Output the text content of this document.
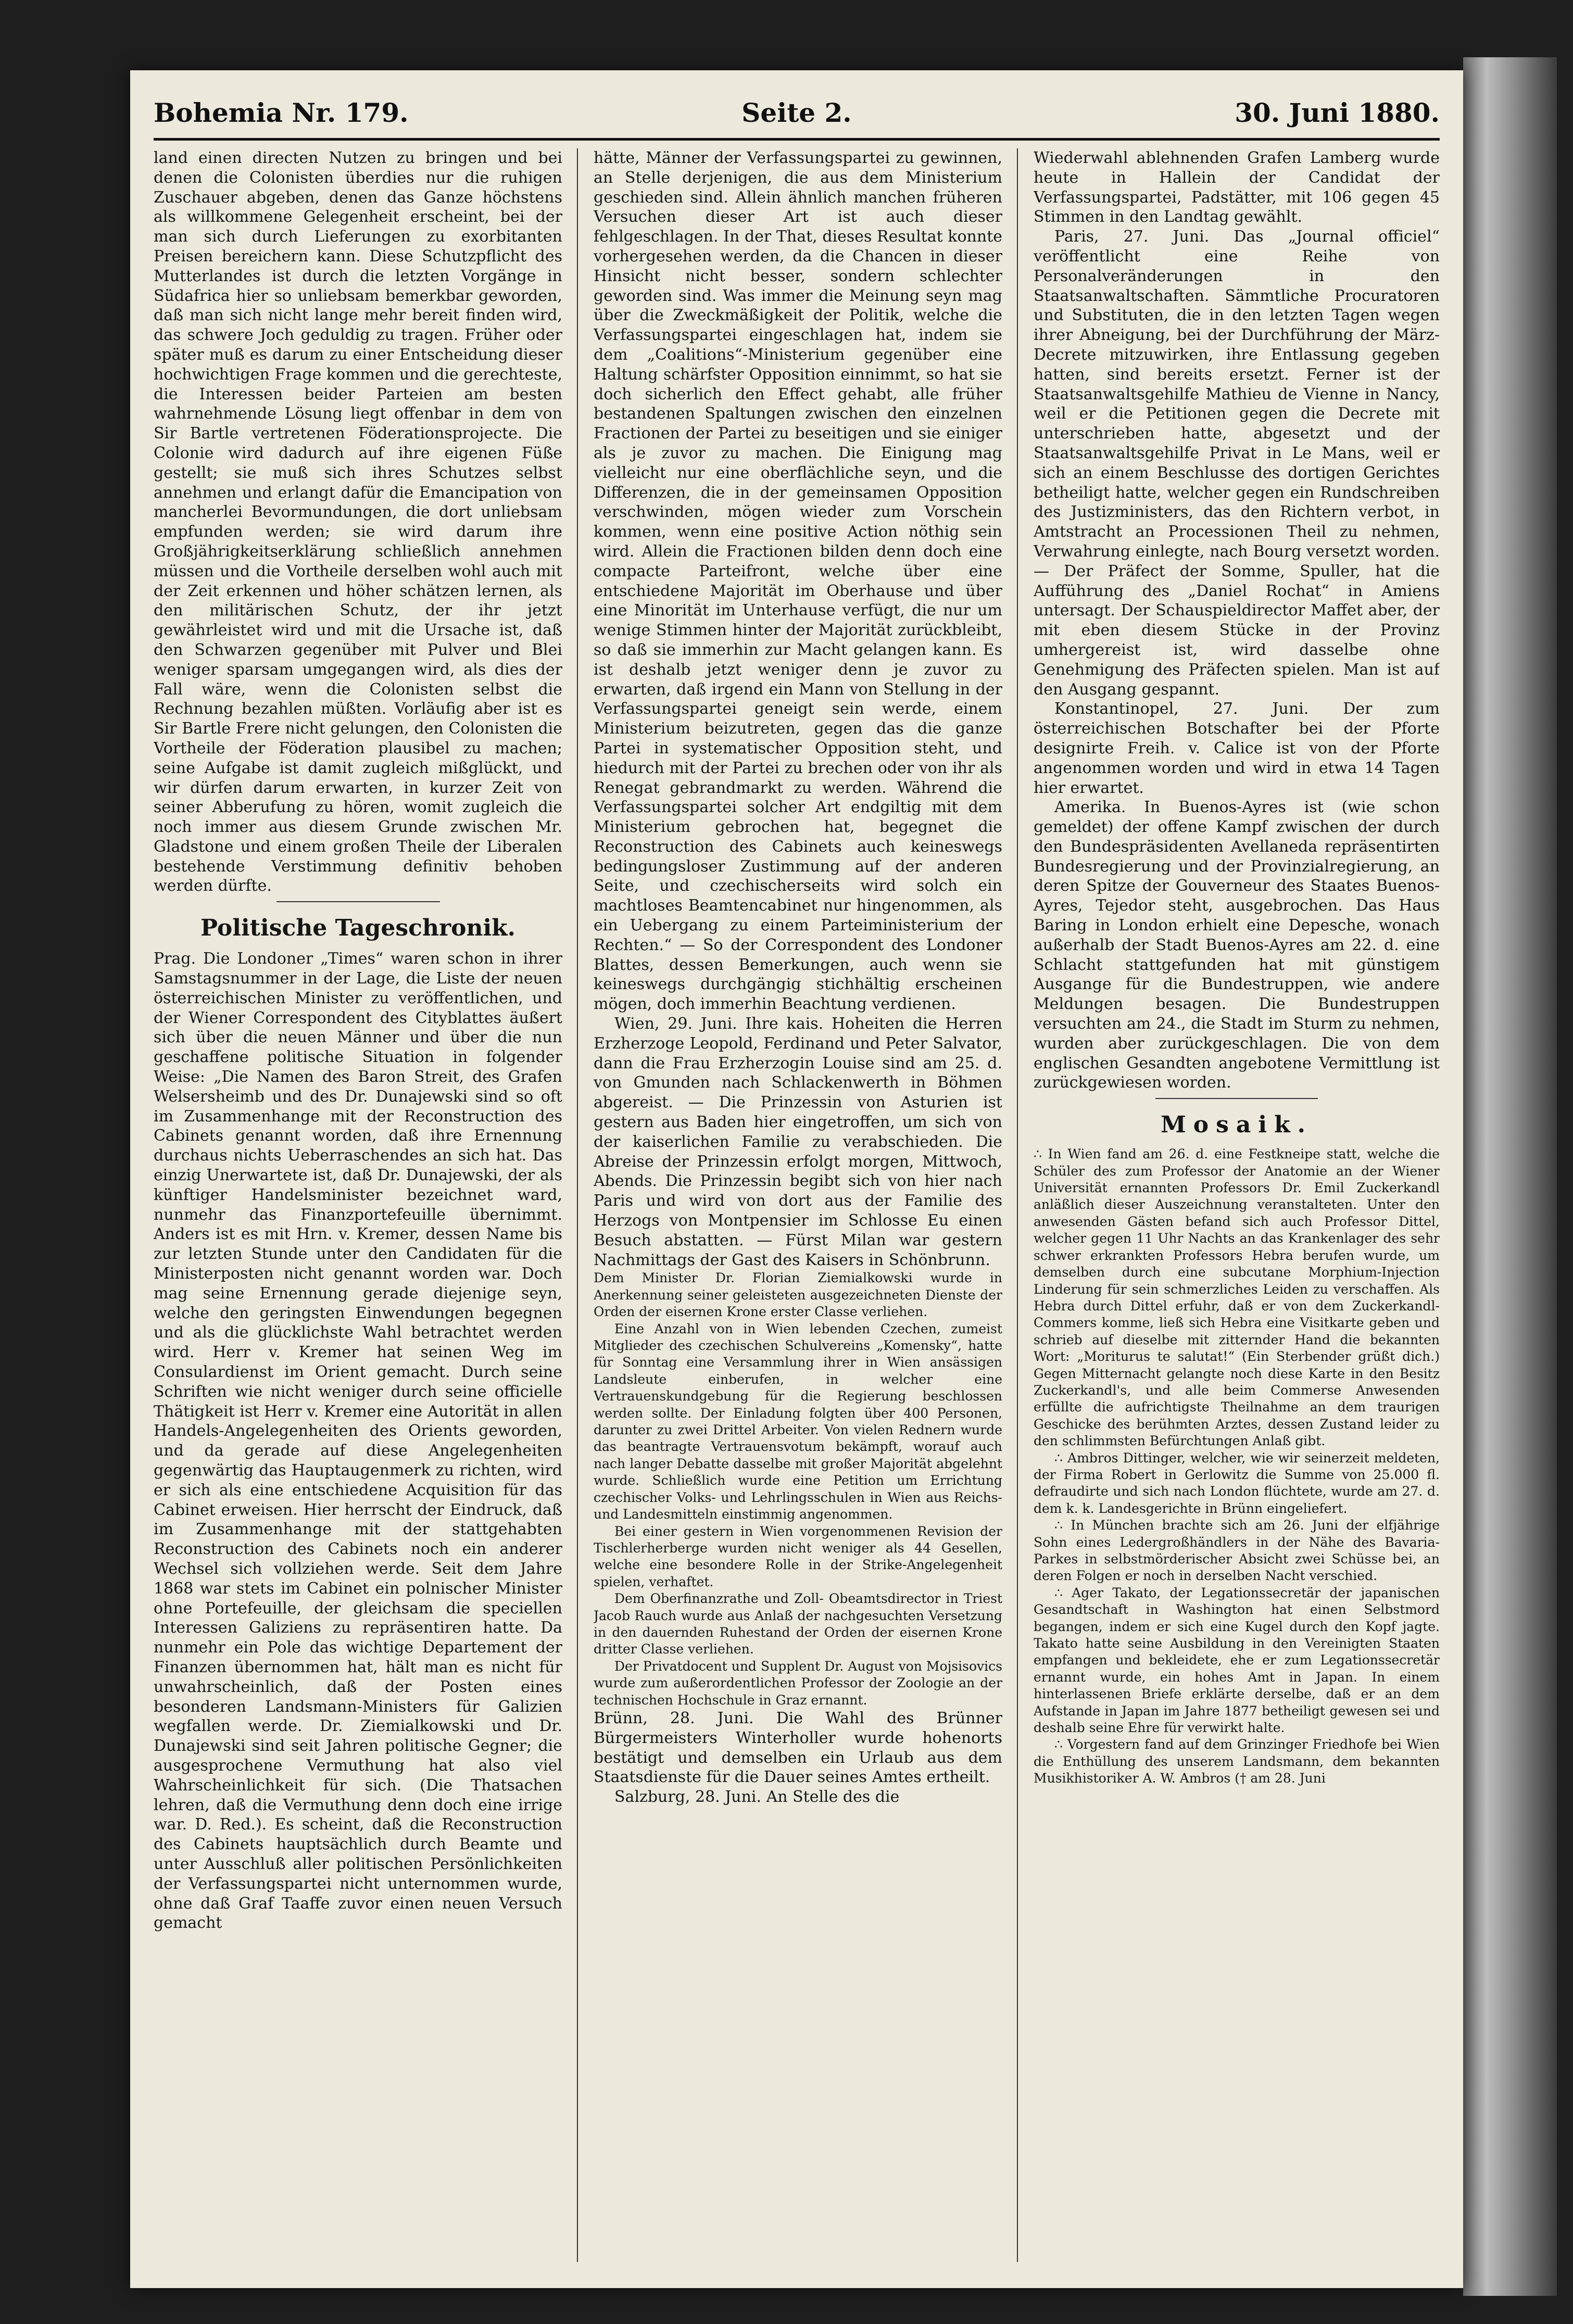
Bohemia Nr. 179.	Seite 2.	30. Juni 1880.

land einen directen Nutzen zu bringen und bei denen die Colonisten überdies nur die ruhigen Zuschauer abgeben, denen das Ganze höchstens als willkommene Gelegenheit erscheint, bei der man sich durch Lieferungen zu exorbitanten Preisen bereichern kann. Diese Schutzpflicht des Mutterlandes ist durch die letzten Vorgänge in Südafrica hier so unliebsam bemerkbar geworden, daß man sich nicht lange mehr bereit finden wird, das schwere Joch geduldig zu tragen. Früher oder später muß es darum zu einer Entscheidung dieser hochwichtigen Frage kommen und die gerechteste, die Interessen beider Parteien am besten wahrnehmende Lösung liegt offenbar in dem von Sir Bartle vertretenen Föderationsprojecte. Die Colonie wird dadurch auf ihre eigenen Füße gestellt; sie muß sich ihres Schutzes selbst annehmen und erlangt dafür die Emancipation von mancherlei Bevormundungen, die dort unliebsam empfunden werden; sie wird darum ihre Großjährigkeitserklärung schließlich annehmen müssen und die Vortheile derselben wohl auch mit der Zeit erkennen und höher schätzen lernen, als den militärischen Schutz, der ihr jetzt gewährleistet wird und mit die Ursache ist, daß den Schwarzen gegenüber mit Pulver und Blei weniger sparsam umgegangen wird, als dies der Fall wäre, wenn die Colonisten selbst die Rechnung bezahlen müßten. Vorläufig aber ist es Sir Bartle Frere nicht gelungen, den Colonisten die Vortheile der Föderation plausibel zu machen; seine Aufgabe ist damit zugleich mißglückt, und wir dürfen darum erwarten, in kurzer Zeit von seiner Abberufung zu hören, womit zugleich die noch immer aus diesem Grunde zwischen Mr. Gladstone und einem großen Theile der Liberalen bestehende Verstimmung definitiv behoben werden dürfte.

Politische Tageschronik.

Prag. Die Londoner „Times“ waren schon in ihrer Samstagsnummer in der Lage, die Liste der neuen österreichischen Minister zu veröffentlichen, und der Wiener Correspondent des Cityblattes äußert sich über die neuen Männer und über die nun geschaffene politische Situation in folgender Weise: „Die Namen des Baron Streit, des Grafen Welsersheimb und des Dr. Dunajewski sind so oft im Zusammenhange mit der Reconstruction des Cabinets genannt worden, daß ihre Ernennung durchaus nichts Ueberraschendes an sich hat. Das einzig Unerwartete ist, daß Dr. Dunajewski, der als künftiger Handelsminister bezeichnet ward, nunmehr das Finanzportefeuille übernimmt. Anders ist es mit Hrn. v. Kremer, dessen Name bis zur letzten Stunde unter den Candidaten für die Ministerposten nicht genannt worden war. Doch mag seine Ernennung gerade diejenige seyn, welche den geringsten Einwendungen begegnen und als die glücklichste Wahl betrachtet werden wird. Herr v. Kremer hat seinen Weg im Consulardienst im Orient gemacht. Durch seine Schriften wie nicht weniger durch seine officielle Thätigkeit ist Herr v. Kremer eine Autorität in allen Handels-Angelegenheiten des Orients geworden, und da gerade auf diese Angelegenheiten gegenwärtig das Hauptaugenmerk zu richten, wird er sich als eine entschiedene Acquisition für das Cabinet erweisen. Hier herrscht der Eindruck, daß im Zusammenhange mit der stattgehabten Reconstruction des Cabinets noch ein anderer Wechsel sich vollziehen werde. Seit dem Jahre 1868 war stets im Cabinet ein polnischer Minister ohne Portefeuille, der gleichsam die speciellen Interessen Galiziens zu repräsentiren hatte. Da nunmehr ein Pole das wichtige Departement der Finanzen übernommen hat, hält man es nicht für unwahrscheinlich, daß der Posten eines besonderen Landsmann-Ministers für Galizien wegfallen werde. Dr. Ziemialkowski und Dr. Dunajewski sind seit Jahren politische Gegner; die ausgesprochene Vermuthung hat also viel Wahrscheinlichkeit für sich. (Die Thatsachen lehren, daß die Vermuthung denn doch eine irrige war. D. Red.). Es scheint, daß die Reconstruction des Cabinets hauptsächlich durch Beamte und unter Ausschluß aller politischen Persönlichkeiten der Verfassungspartei nicht unternommen wurde, ohne daß Graf Taaffe zuvor einen neuen Versuch gemacht

hätte, Männer der Verfassungspartei zu gewinnen, an Stelle derjenigen, die aus dem Ministerium geschieden sind. Allein ähnlich manchen früheren Versuchen dieser Art ist auch dieser fehlgeschlagen. In der That, dieses Resultat konnte vorhergesehen werden, da die Chancen in dieser Hinsicht nicht besser, sondern schlechter geworden sind. Was immer die Meinung seyn mag über die Zweckmäßigkeit der Politik, welche die Verfassungspartei eingeschlagen hat, indem sie dem „Coalitions“-Ministerium gegenüber eine Haltung schärfster Opposition einnimmt, so hat sie doch sicherlich den Effect gehabt, alle früher bestandenen Spaltungen zwischen den einzelnen Fractionen der Partei zu beseitigen und sie einiger als je zuvor zu machen. Die Einigung mag vielleicht nur eine oberflächliche seyn, und die Differenzen, die in der gemeinsamen Opposition verschwinden, mögen wieder zum Vorschein kommen, wenn eine positive Action nöthig sein wird. Allein die Fractionen bilden denn doch eine compacte Parteifront, welche über eine entschiedene Majorität im Oberhause und über eine Minorität im Unterhause verfügt, die nur um wenige Stimmen hinter der Majorität zurückbleibt, so daß sie immerhin zur Macht gelangen kann. Es ist deshalb jetzt weniger denn je zuvor zu erwarten, daß irgend ein Mann von Stellung in der Verfassungspartei geneigt sein werde, einem Ministerium beizutreten, gegen das die ganze Partei in systematischer Opposition steht, und hiedurch mit der Partei zu brechen oder von ihr als Renegat gebrandmarkt zu werden. Während die Verfassungspartei solcher Art endgiltig mit dem Ministerium gebrochen hat, begegnet die Reconstruction des Cabinets auch keineswegs bedingungsloser Zustimmung auf der anderen Seite, und czechischerseits wird solch ein machtloses Beamtencabinet nur hingenommen, als ein Uebergang zu einem Parteiministerium der Rechten.“ — So der Correspondent des Londoner Blattes, dessen Bemerkungen, auch wenn sie keineswegs durchgängig stichhältig erscheinen mögen, doch immerhin Beachtung verdienen.

Wien, 29. Juni. Ihre kais. Hoheiten die Herren Erzherzoge Leopold, Ferdinand und Peter Salvator, dann die Frau Erzherzogin Louise sind am 25. d. von Gmunden nach Schlackenwerth in Böhmen abgereist. — Die Prinzessin von Asturien ist gestern aus Baden hier eingetroffen, um sich von der kaiserlichen Familie zu verabschieden. Die Abreise der Prinzessin erfolgt morgen, Mittwoch, Abends. Die Prinzessin begibt sich von hier nach Paris und wird von dort aus der Familie des Herzogs von Montpensier im Schlosse Eu einen Besuch abstatten. — Fürst Milan war gestern Nachmittags der Gast des Kaisers in Schönbrunn.

Dem Minister Dr. Florian Ziemialkowski wurde in Anerkennung seiner geleisteten ausgezeichneten Dienste der Orden der eisernen Krone erster Classe verliehen.

Eine Anzahl von in Wien lebenden Czechen, zumeist Mitglieder des czechischen Schulvereins „Komensky“, hatte für Sonntag eine Versammlung ihrer in Wien ansässigen Landsleute einberufen, in welcher eine Vertrauenskundgebung für die Regierung beschlossen werden sollte. Der Einladung folgten über 400 Personen, darunter zu zwei Drittel Arbeiter. Von vielen Rednern wurde das beantragte Vertrauensvotum bekämpft, worauf auch nach langer Debatte dasselbe mit großer Majorität abgelehnt wurde. Schließlich wurde eine Petition um Errichtung czechischer Volks- und Lehrlingsschulen in Wien aus Reichs- und Landesmitteln einstimmig angenommen.

Bei einer gestern in Wien vorgenommenen Revision der Tischlerherberge wurden nicht weniger als 44 Gesellen, welche eine besondere Rolle in der Strike-Angelegenheit spielen, verhaftet.

Dem Oberfinanzrathe und Zoll- Obeamtsdirector in Triest Jacob Rauch wurde aus Anlaß der nachgesuchten Versetzung in den dauernden Ruhestand der Orden der eisernen Krone dritter Classe verliehen.

Der Privatdocent und Supplent Dr. August von Mojsisovics wurde zum außerordentlichen Professor der Zoologie an der technischen Hochschule in Graz ernannt.

Brünn, 28. Juni. Die Wahl des Brünner Bürgermeisters Winterholler wurde hohenorts bestätigt und demselben ein Urlaub aus dem Staatsdienste für die Dauer seines Amtes ertheilt.

Salzburg, 28. Juni. An Stelle des die

Wiederwahl ablehnenden Grafen Lamberg wurde heute in Hallein der Candidat der Verfassungspartei, Padstätter, mit 106 gegen 45 Stimmen in den Landtag gewählt.

Paris, 27. Juni. Das „Journal officiel“ veröffentlicht eine Reihe von Personalveränderungen in den Staatsanwaltschaften. Sämmtliche Procuratoren und Substituten, die in den letzten Tagen wegen ihrer Abneigung, bei der Durchführung der März-Decrete mitzuwirken, ihre Entlassung gegeben hatten, sind bereits ersetzt. Ferner ist der Staatsanwaltsgehilfe Mathieu de Vienne in Nancy, weil er die Petitionen gegen die Decrete mit unterschrieben hatte, abgesetzt und der Staatsanwaltsgehilfe Privat in Le Mans, weil er sich an einem Beschlusse des dortigen Gerichtes betheiligt hatte, welcher gegen ein Rundschreiben des Justizministers, das den Richtern verbot, in Amtstracht an Processionen Theil zu nehmen, Verwahrung einlegte, nach Bourg versetzt worden. — Der Präfect der Somme, Spuller, hat die Aufführung des „Daniel Rochat“ in Amiens untersagt. Der Schauspieldirector Maffet aber, der mit eben diesem Stücke in der Provinz umhergereist ist, wird dasselbe ohne Genehmigung des Präfecten spielen. Man ist auf den Ausgang gespannt.

Konstantinopel, 27. Juni. Der zum österreichischen Botschafter bei der Pforte designirte Freih. v. Calice ist von der Pforte angenommen worden und wird in etwa 14 Tagen hier erwartet.

Amerika. In Buenos-Ayres ist (wie schon gemeldet) der offene Kampf zwischen der durch den Bundespräsidenten Avellaneda repräsentirten Bundesregierung und der Provinzialregierung, an deren Spitze der Gouverneur des Staates Buenos-Ayres, Tejedor steht, ausgebrochen. Das Haus Baring in London erhielt eine Depesche, wonach außerhalb der Stadt Buenos-Ayres am 22. d. eine Schlacht stattgefunden hat mit günstigem Ausgange für die Bundestruppen, wie andere Meldungen besagen. Die Bundestruppen versuchten am 24., die Stadt im Sturm zu nehmen, wurden aber zurückgeschlagen. Die von dem englischen Gesandten angebotene Vermittlung ist zurückgewiesen worden.

Mosaik.

∴ In Wien fand am 26. d. eine Festkneipe statt, welche die Schüler des zum Professor der Anatomie an der Wiener Universität ernannten Professors Dr. Emil Zuckerkandl anläßlich dieser Auszeichnung veranstalteten. Unter den anwesenden Gästen befand sich auch Professor Dittel, welcher gegen 11 Uhr Nachts an das Krankenlager des sehr schwer erkrankten Professors Hebra berufen wurde, um demselben durch eine subcutane Morphium-Injection Linderung für sein schmerzliches Leiden zu verschaffen. Als Hebra durch Dittel erfuhr, daß er von dem Zuckerkandl-Commers komme, ließ sich Hebra eine Visitkarte geben und schrieb auf dieselbe mit zitternder Hand die bekannten Wort: „Moriturus te salutat!“ (Ein Sterbender grüßt dich.) Gegen Mitternacht gelangte noch diese Karte in den Besitz Zuckerkandl's, und alle beim Commerse Anwesenden erfüllte die aufrichtigste Theilnahme an dem traurigen Geschicke des berühmten Arztes, dessen Zustand leider zu den schlimmsten Befürchtungen Anlaß gibt.

∴ Ambros Dittinger, welcher, wie wir seinerzeit meldeten, der Firma Robert in Gerlowitz die Summe von 25.000 fl. defraudirte und sich nach London flüchtete, wurde am 27. d. dem k. k. Landesgerichte in Brünn eingeliefert.

∴ In München brachte sich am 26. Juni der elfjährige Sohn eines Ledergroßhändlers in der Nähe des Bavaria-Parkes in selbstmörderischer Absicht zwei Schüsse bei, an deren Folgen er noch in derselben Nacht verschied.

∴ Ager Takato, der Legationssecretär der japanischen Gesandtschaft in Washington hat einen Selbstmord begangen, indem er sich eine Kugel durch den Kopf jagte. Takato hatte seine Ausbildung in den Vereinigten Staaten empfangen und bekleidete, ehe er zum Legationssecretär ernannt wurde, ein hohes Amt in Japan. In einem hinterlassenen Briefe erklärte derselbe, daß er an dem Aufstande in Japan im Jahre 1877 betheiligt gewesen sei und deshalb seine Ehre für verwirkt halte.

∴ Vorgestern fand auf dem Grinzinger Friedhofe bei Wien die Enthüllung des unserem Landsmann, dem bekannten Musikhistoriker A. W. Ambros († am 28. Juni
